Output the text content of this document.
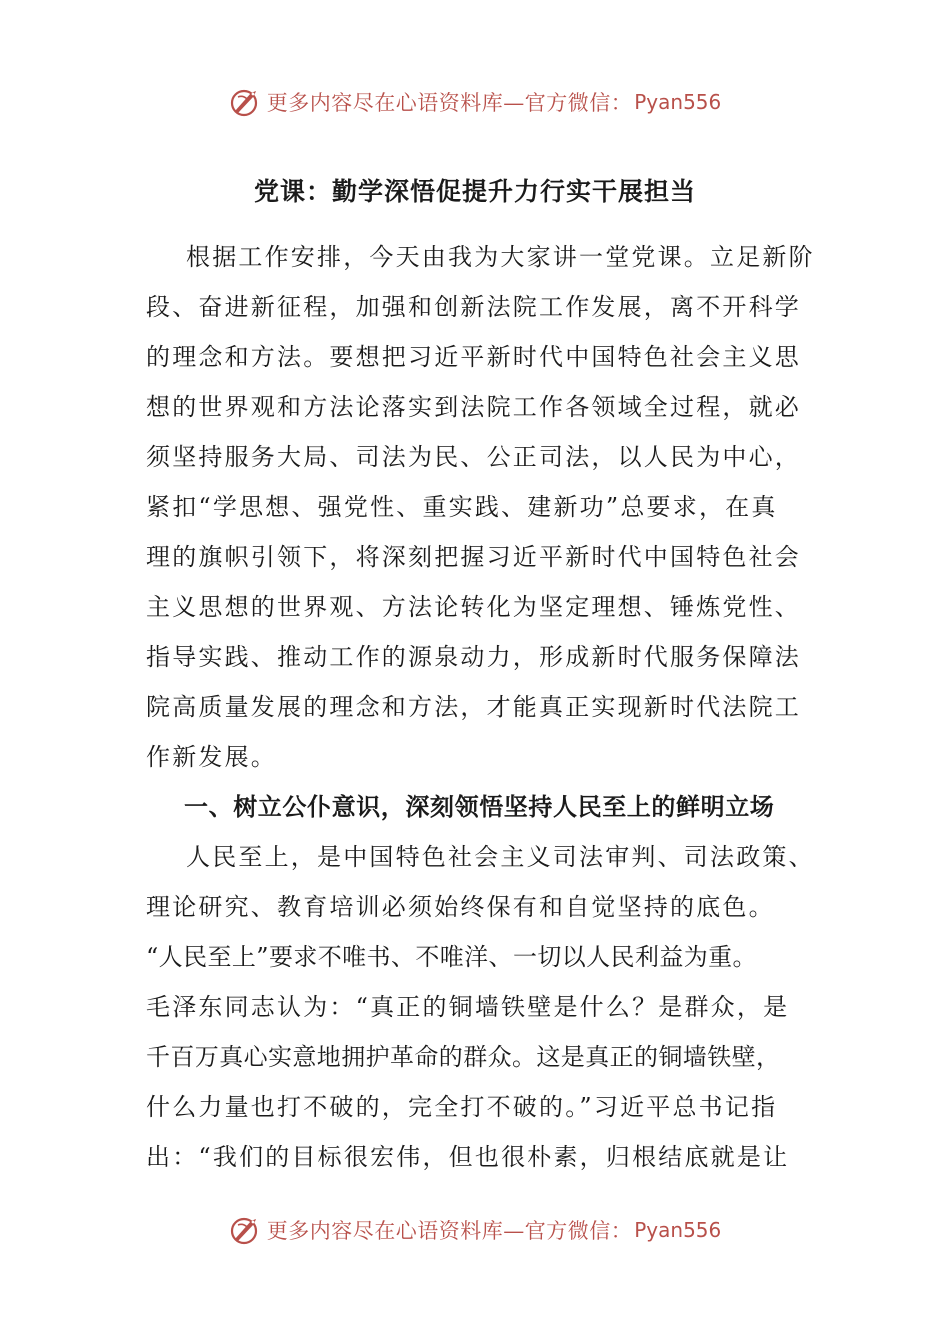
更多内容尽在心语资料库—官方微信： Pyan556
党课：勤学深悟促提升力行实干展担当
根据工作安排，今天由我为大家讲一堂党课。立足新阶
段、奋进新征程，加强和创新法院工作发展，离不开科学
的理念和方法。要想把习近平新时代中国特色社会主义思
想的世界观和方法论落实到法院工作各领域全过程，就必
须坚持服务大局、司法为民、公正司法，以人民为中心，
紧扣“学思想、强党性、重实践、建新功”总要求，在真
理的旗帜引领下，将深刻把握习近平新时代中国特色社会
主义思想的世界观、方法论转化为坚定理想、锤炼党性、
指导实践、推动工作的源泉动力，形成新时代服务保障法
院高质量发展的理念和方法，才能真正实现新时代法院工
作新发展。
一、树立公仆意识，深刻领悟坚持人民至上的鲜明立场
人民至上，是中国特色社会主义司法审判、司法政策、
理论研究、教育培训必须始终保有和自觉坚持的底色。
“人民至上”要求不唯书、不唯洋、一切以人民利益为重。
毛泽东同志认为：“真正的铜墙铁壁是什么？是群众，是
千百万真心实意地拥护革命的群众。这是真正的铜墙铁壁，
什么力量也打不破的，完全打不破的。”习近平总书记指
出：“我们的目标很宏伟，但也很朴素，归根结底就是让
更多内容尽在心语资料库—官方微信： Pyan556
